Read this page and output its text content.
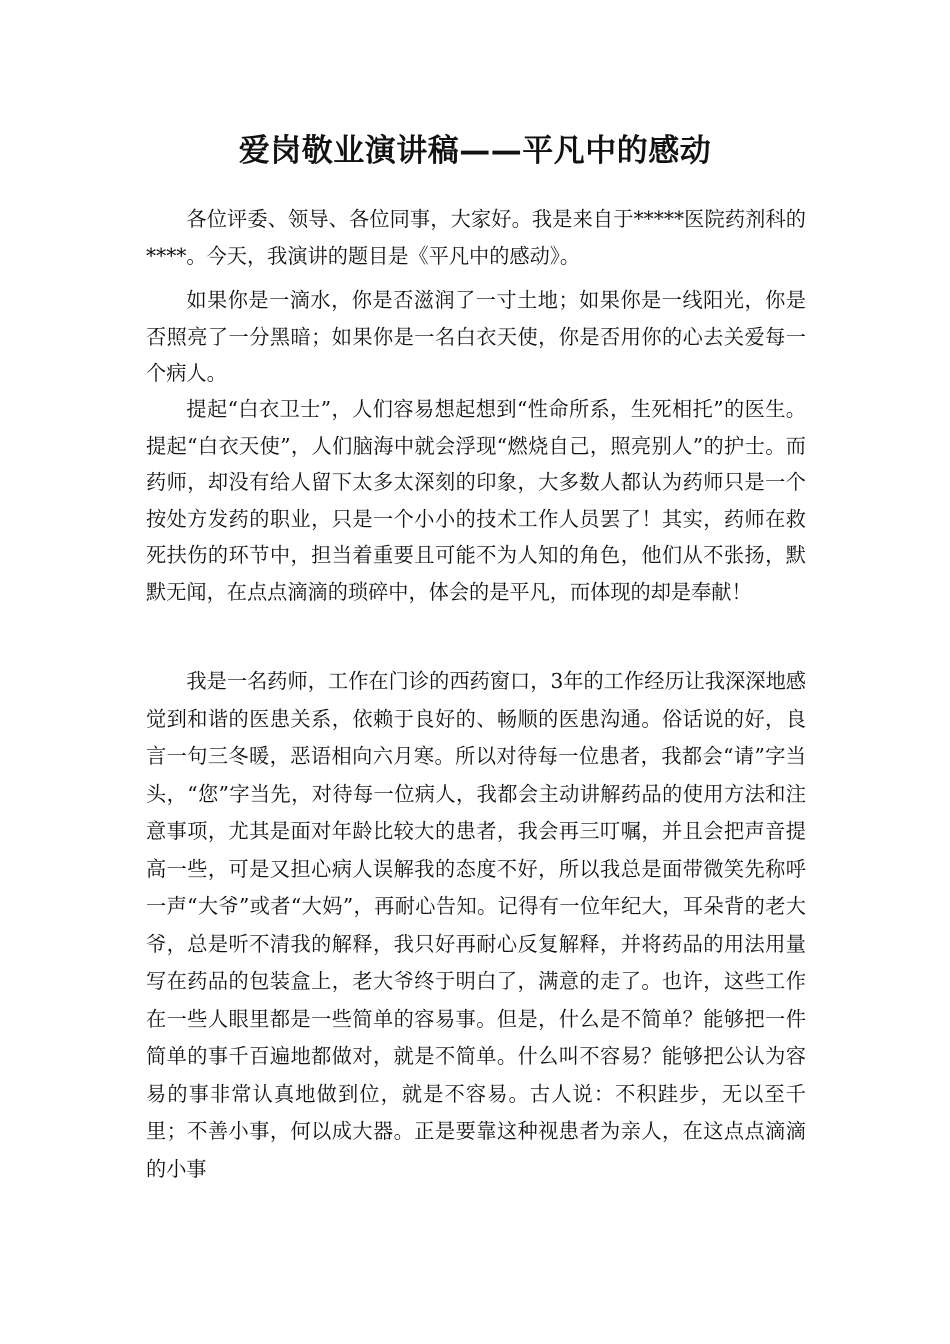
爱岗敬业演讲稿——平凡中的感动

各位评委、领导、各位同事，大家好。我是来自于*****医院药剂科的****。今天，我演讲的题目是《平凡中的感动》。

如果你是一滴水，你是否滋润了一寸土地；如果你是一线阳光，你是否照亮了一分黑暗；如果你是一名白衣天使，你是否用你的心去关爱每一个病人。

提起“白衣卫士”，人们容易想起想到“性命所系，生死相托”的医生。提起“白衣天使”，人们脑海中就会浮现“燃烧自己，照亮别人”的护士。而药师，却没有给人留下太多太深刻的印象，大多数人都认为药师只是一个按处方发药的职业，只是一个小小的技术工作人员罢了！其实，药师在救死扶伤的环节中，担当着重要且可能不为人知的角色，他们从不张扬，默默无闻，在点点滴滴的琐碎中，体会的是平凡，而体现的却是奉献！

我是一名药师，工作在门诊的西药窗口，3年的工作经历让我深深地感觉到和谐的医患关系，依赖于良好的、畅顺的医患沟通。俗话说的好，良言一句三冬暖，恶语相向六月寒。所以对待每一位患者，我都会“请”字当头，“您”字当先，对待每一位病人，我都会主动讲解药品的使用方法和注意事项，尤其是面对年龄比较大的患者，我会再三叮嘱，并且会把声音提高一些，可是又担心病人误解我的态度不好，所以我总是面带微笑先称呼一声“大爷”或者“大妈”，再耐心告知。记得有一位年纪大，耳朵背的老大爷，总是听不清我的解释，我只好再耐心反复解释，并将药品的用法用量写在药品的包装盒上，老大爷终于明白了，满意的走了。也许，这些工作在一些人眼里都是一些简单的容易事。但是，什么是不简单？能够把一件简单的事千百遍地都做对，就是不简单。什么叫不容易？能够把公认为容易的事非常认真地做到位，就是不容易。古人说：不积跬步，无以至千里；不善小事，何以成大器。正是要靠这种视患者为亲人，在这点点滴滴的小事
